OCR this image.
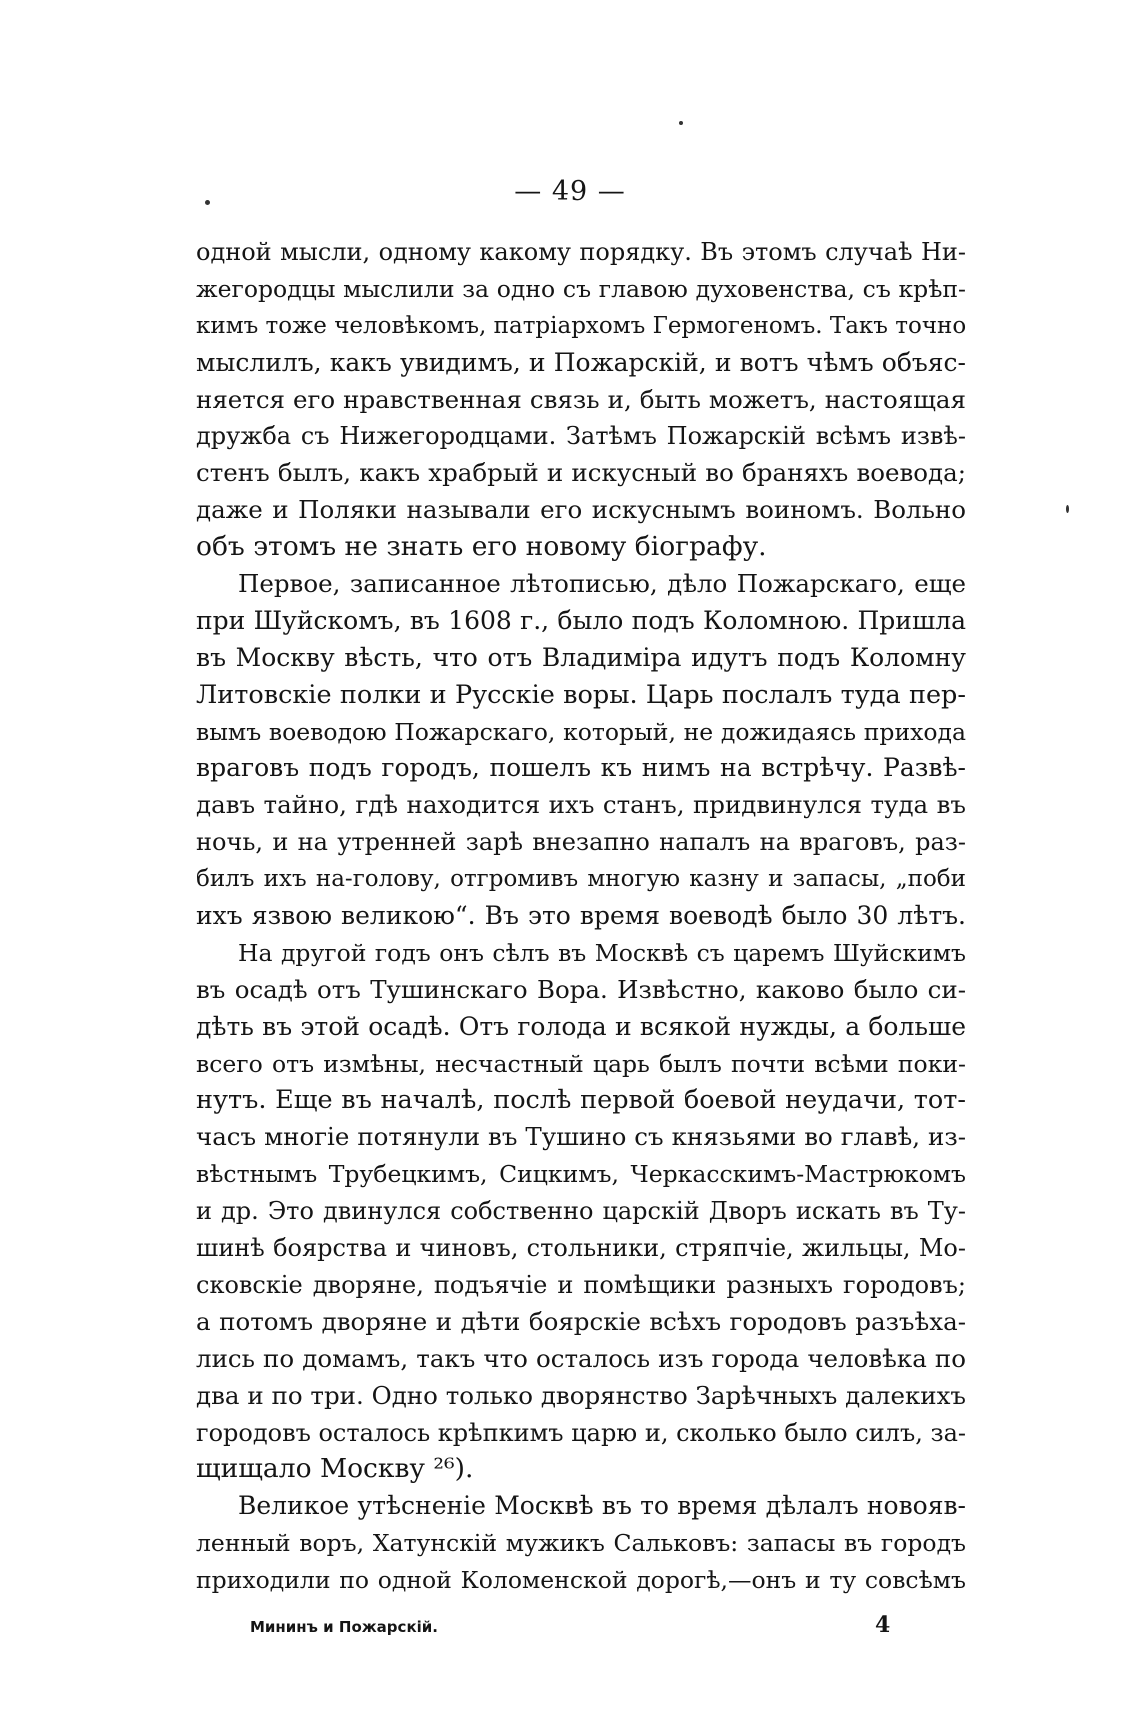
— 49 —
одной мысли, одному какому порядку. Въ этомъ случаѣ Ни-
жегородцы мыслили за одно съ главою духовенства, съ крѣп-
кимъ тоже человѣкомъ, патріархомъ Гермогеномъ. Такъ точно
мыслилъ, какъ увидимъ, и Пожарскій, и вотъ чѣмъ объяс-
няется его нравственная связь и, быть можетъ, настоящая
дружба съ Нижегородцами. Затѣмъ Пожарскій всѣмъ извѣ-
стенъ былъ, какъ храбрый и искусный во браняхъ воевода;
даже и Поляки называли его искуснымъ воиномъ. Вольно
объ этомъ не знать его новому біографу.
Первое, записанное лѣтописью, дѣло Пожарскаго, еще
при Шуйскомъ, въ 1608 г., было подъ Коломною. Пришла
въ Москву вѣсть, что отъ Владиміра идутъ подъ Коломну
Литовскіе полки и Русскіе воры. Царь послалъ туда пер-
вымъ воеводою Пожарскаго, который, не дожидаясь прихода
враговъ подъ городъ, пошелъ къ нимъ на встрѣчу. Развѣ-
давъ тайно, гдѣ находится ихъ станъ, придвинулся туда въ
ночь, и на утренней зарѣ внезапно напалъ на враговъ, раз-
билъ ихъ на-голову, отгромивъ многую казну и запасы, „поби
ихъ язвою великою“. Въ это время воеводѣ было 30 лѣтъ.
На другой годъ онъ сѣлъ въ Москвѣ съ царемъ Шуйскимъ
въ осадѣ отъ Тушинскаго Вора. Извѣстно, каково было си-
дѣть въ этой осадѣ. Отъ голода и всякой нужды, а больше
всего отъ измѣны, несчастный царь былъ почти всѣми поки-
нутъ. Еще въ началѣ, послѣ первой боевой неудачи, тот-
часъ многіе потянули въ Тушино съ князьями во главѣ, из-
вѣстнымъ Трубецкимъ, Сицкимъ, Черкасскимъ-Мастрюкомъ
и др. Это двинулся собственно царскій Дворъ искать въ Ту-
шинѣ боярства и чиновъ, стольники, стряпчіе, жильцы, Мо-
сковскіе дворяне, подъячіе и помѣщики разныхъ городовъ;
а потомъ дворяне и дѣти боярскіе всѣхъ городовъ разъѣха-
лись по домамъ, такъ что осталось изъ города человѣка по
два и по три. Одно только дворянство Зарѣчныхъ далекихъ
городовъ осталось крѣпкимъ царю и, сколько было силъ, за-
щищало Москву ²⁶).
Великое утѣсненіе Москвѣ въ то время дѣлалъ новояв-
ленный воръ, Хатунскій мужикъ Сальковъ: запасы въ городъ
приходили по одной Коломенской дорогѣ,—онъ и ту совсѣмъ
Мининъ и Пожарскій.	4
